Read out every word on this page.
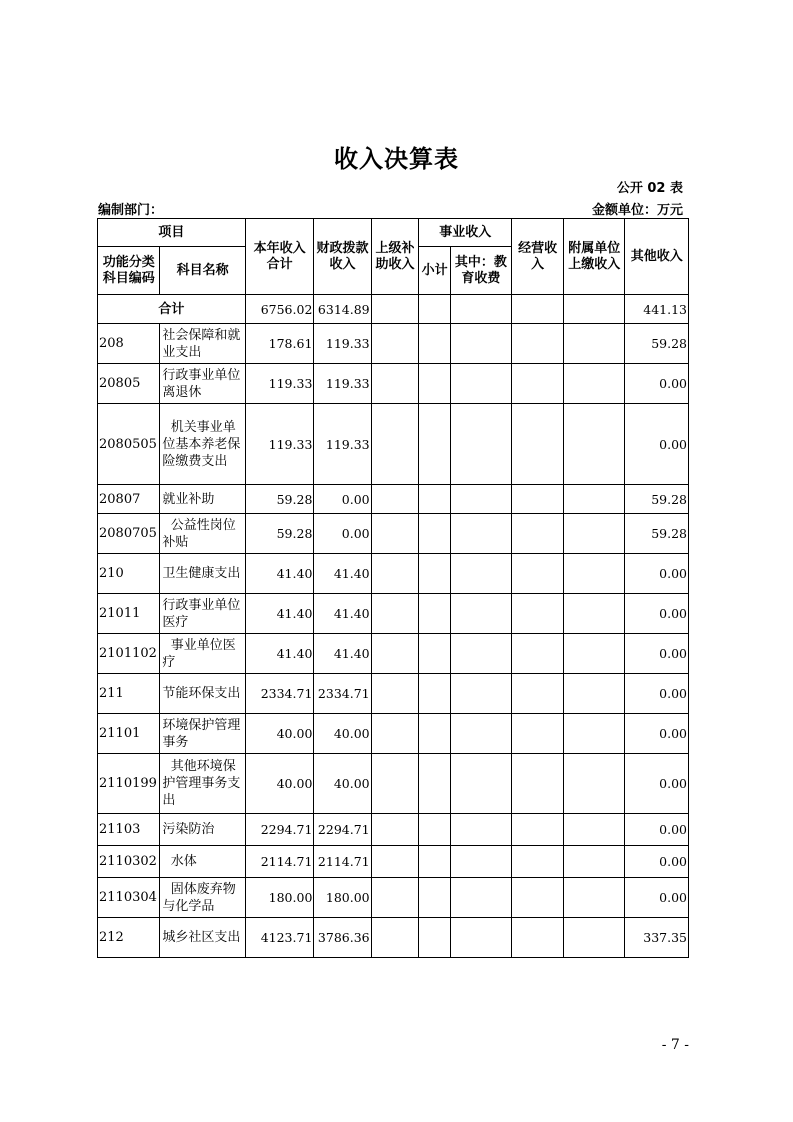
收入决算表
公开 02 表
编制部门：	金额单位：万元
项目		本年收入合计	财政拨款收入	上级补助收入	事业收入		经营收入	附属单位上缴收入	其他收入
功能分类科目编码	科目名称				小计	其中：教育收费			
合计		6756.02	6314.89						441.13
208	社会保障和就业支出	178.61	119.33						59.28
20805	行政事业单位离退休	119.33	119.33						0.00
2080505	机关事业单位基本养老保险缴费支出	119.33	119.33						0.00
20807	就业补助	59.28	0.00						59.28
2080705	公益性岗位补贴	59.28	0.00						59.28
210	卫生健康支出	41.40	41.40						0.00
21011	行政事业单位医疗	41.40	41.40						0.00
2101102	事业单位医疗	41.40	41.40						0.00
211	节能环保支出	2334.71	2334.71						0.00
21101	环境保护管理事务	40.00	40.00						0.00
2110199	其他环境保护管理事务支出	40.00	40.00						0.00
21103	污染防治	2294.71	2294.71						0.00
2110302	水体	2114.71	2114.71						0.00
2110304	固体废弃物与化学品	180.00	180.00						0.00
212	城乡社区支出	4123.71	3786.36						337.35
- 7 -
